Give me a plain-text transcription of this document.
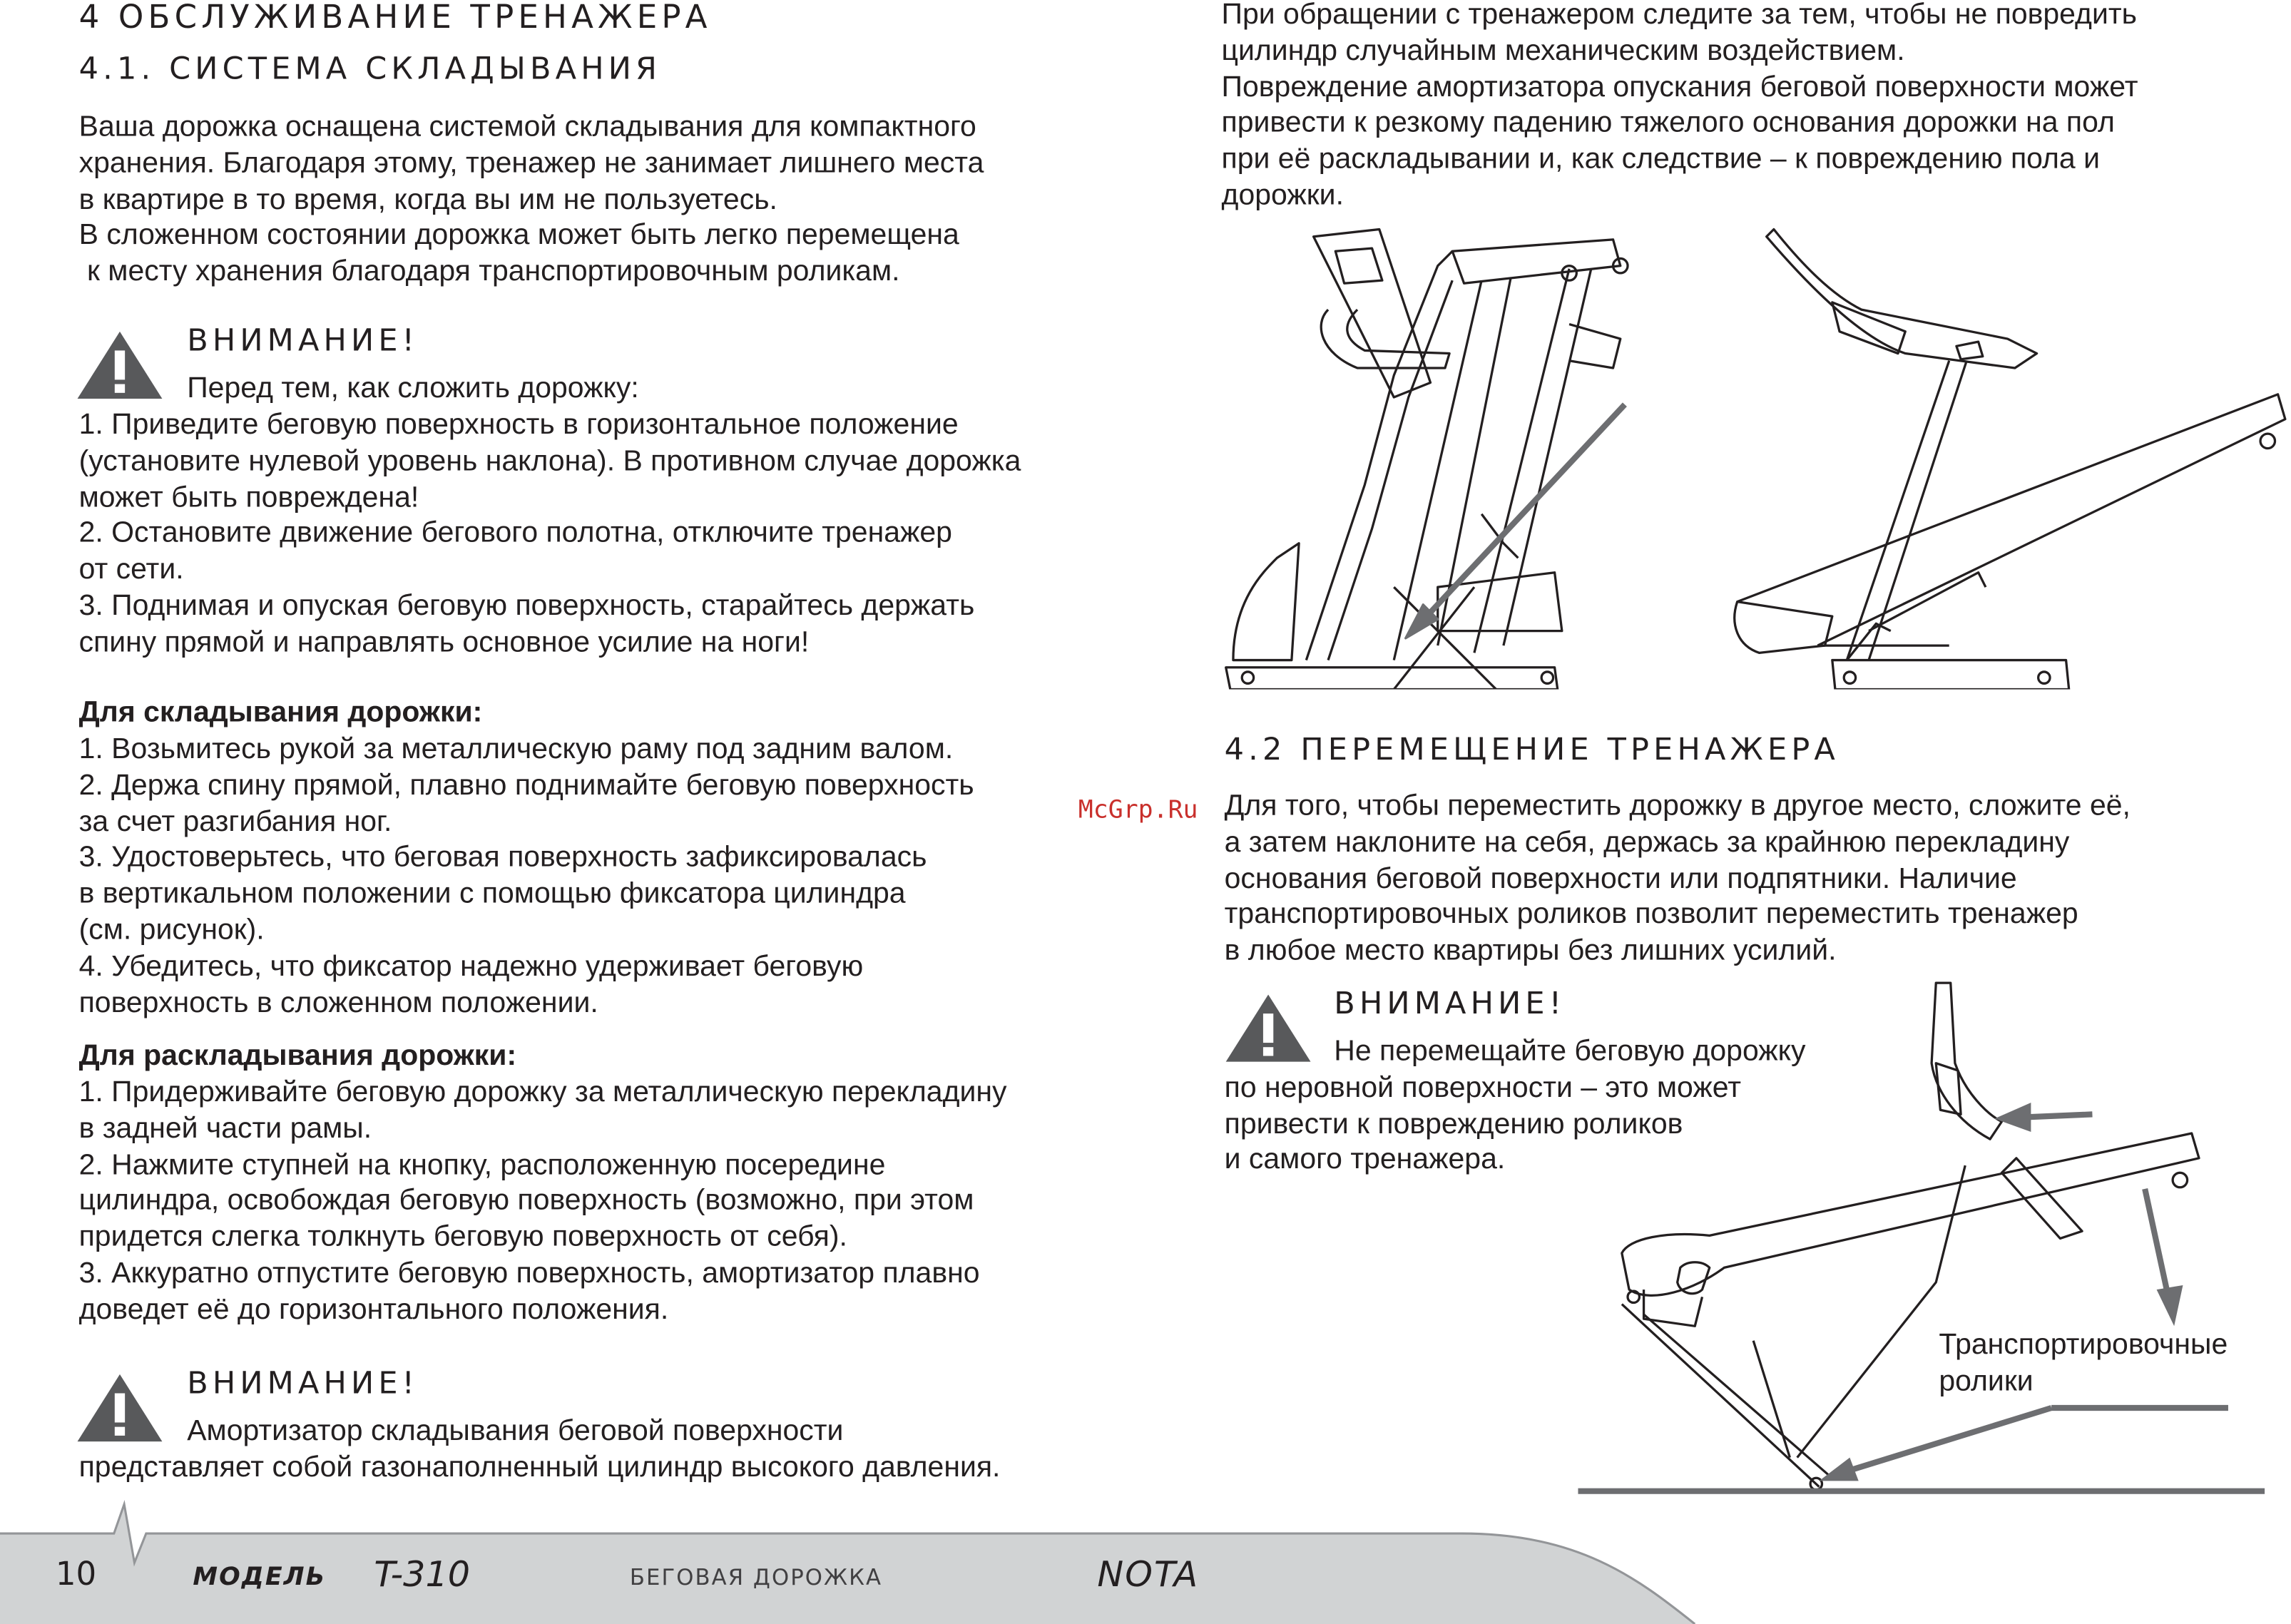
4 ОБСЛУЖИВАНИЕ ТРЕНАЖЕРА
4.1. СИСТЕМА СКЛАДЫВАНИЯ
Ваша дорожка оснащена системой складывания для компактного
хранения. Благодаря этому, тренажер не занимает лишнего места
в квартире в то время, когда вы им не пользуетесь.
В сложенном состоянии дорожка может быть легко перемещена
к месту хранения благодаря транспортировочным роликам.
ВНИМАНИЕ!
Перед тем, как сложить дорожку:
1. Приведите беговую поверхность в горизонтальное положение
(установите нулевой уровень наклона). В противном случае дорожка
может быть повреждена!
2. Остановите движение бегового полотна, отключите тренажер
от сети.
3. Поднимая и опуская беговую поверхность, старайтесь держать
спину прямой и направлять основное усилие на ноги!
Для складывания дорожки:
1. Возьмитесь рукой за металлическую раму под задним валом.
2. Держа спину прямой, плавно поднимайте беговую поверхность
за счет разгибания ног.
3. Удостоверьтесь, что беговая поверхность зафиксировалась
в вертикальном положении с помощью фиксатора цилиндра
(см. рисунок).
4. Убедитесь, что фиксатор надежно удерживает беговую
поверхность в сложенном положении.
Для раскладывания дорожки:
1. Придерживайте беговую дорожку за металлическую перекладину
в задней части рамы.
2. Нажмите ступней на кнопку, расположенную посередине
цилиндра, освобождая беговую поверхность (возможно, при этом
придется слегка толкнуть беговую поверхность от себя).
3. Аккуратно отпустите беговую поверхность, амортизатор плавно
доведет её до горизонтального положения.
ВНИМАНИЕ!
Амортизатор складывания беговой поверхности
представляет собой газонаполненный цилиндр высокого давления.
При обращении с тренажером следите за тем, чтобы не повредить
цилиндр случайным механическим воздействием.
Повреждение амортизатора опускания беговой поверхности может
привести к резкому падению тяжелого основания дорожки на пол
при её раскладывании и, как следствие – к повреждению пола и
дорожки.
4.2 ПЕРЕМЕЩЕНИЕ ТРЕНАЖЕРА
Для того, чтобы переместить дорожку в другое место, сложите её,
а затем наклоните на себя, держась за крайнюю перекладину
основания беговой поверхности или подпятники. Наличие
транспортировочных роликов позволит переместить тренажер
в любое место квартиры без лишних усилий.
ВНИМАНИЕ!
Не перемещайте беговую дорожку
по неровной поверхности – это может
привести к повреждению роликов
и самого тренажера.
Транспортировочные
ролики
McGrp.Ru
10	МОДЕЛЬ	T-310	БЕГОВАЯ ДОРОЖКА	NOTA
